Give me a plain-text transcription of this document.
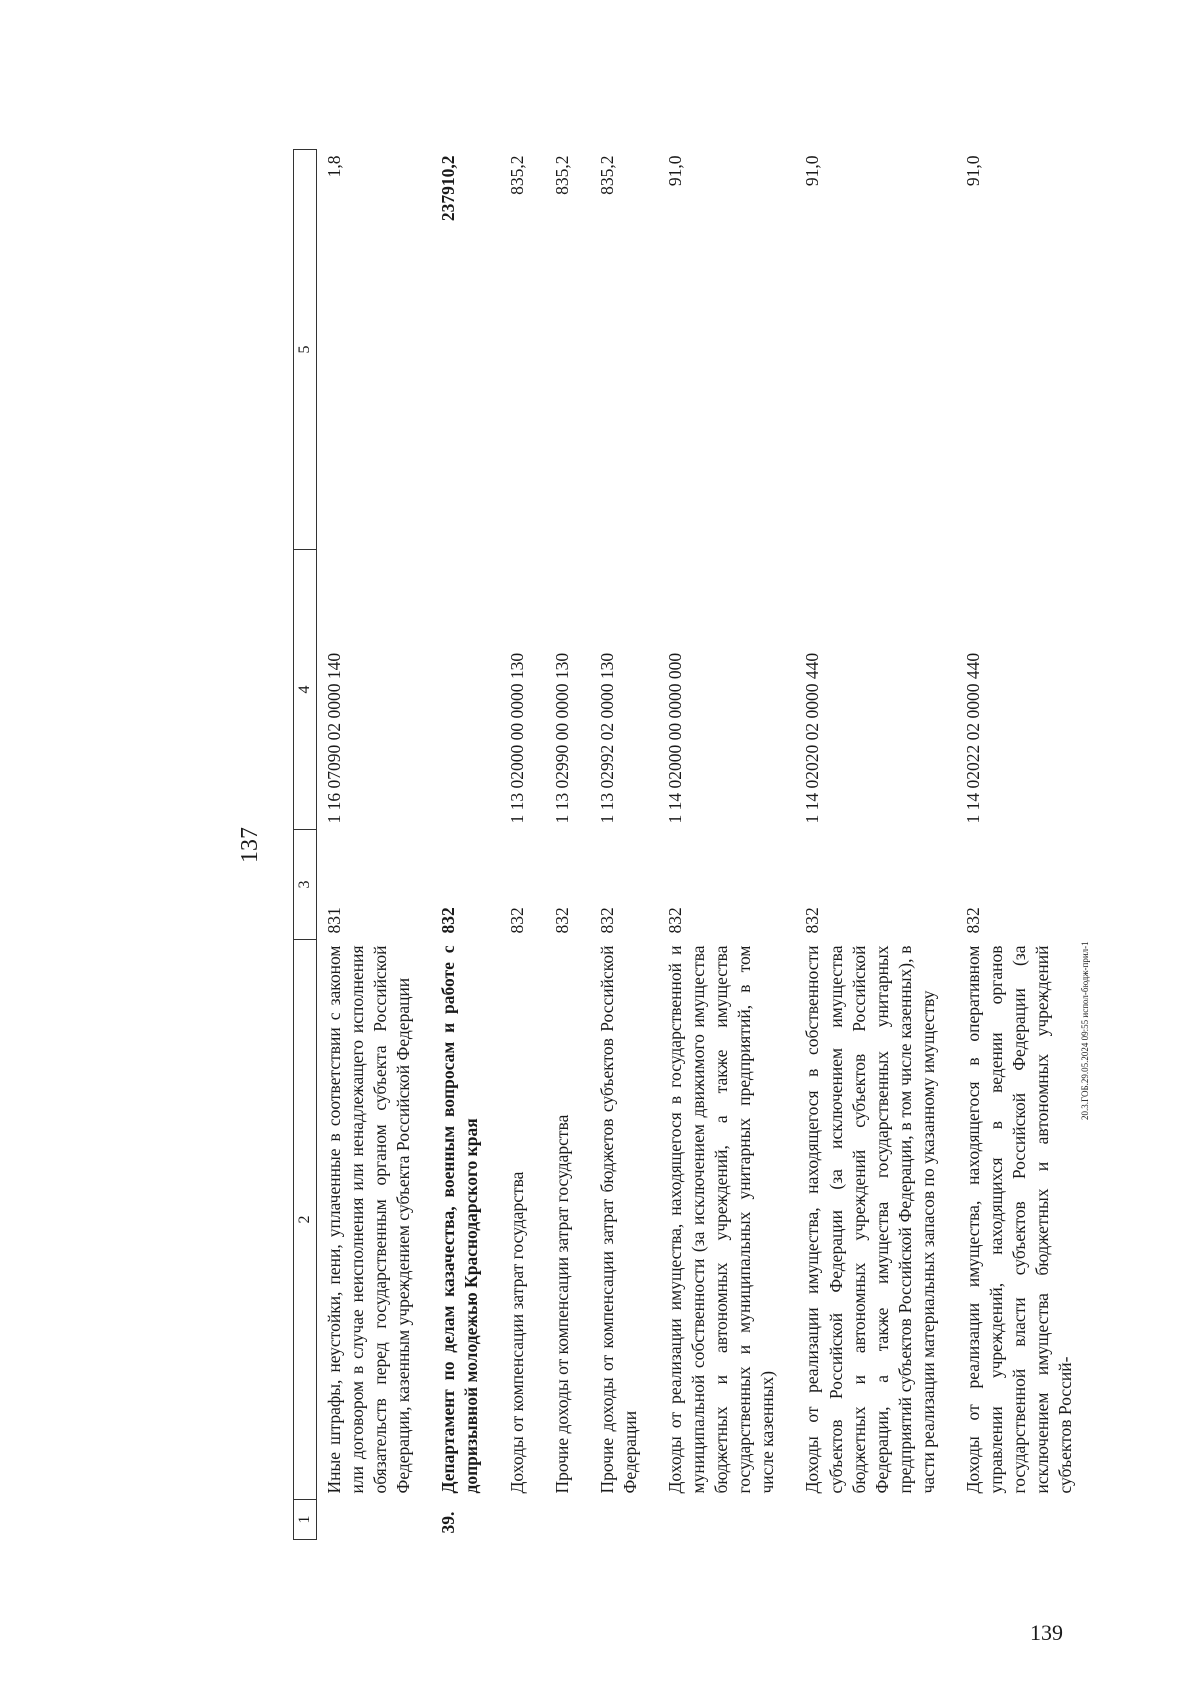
137
1	2	3	4	5
	Иные штрафы, неустойки, пени, уплаченные в соответствии с законом или договором в случае неисполнения или ненадлежащего исполнения обязательств перед государственным органом субъекта Российской Федерации, казенным учреждением субъекта Российской Федерации	831	1 16 07090 02 0000 140	1,8
39.	Департамент по делам казачества, военным вопросам и работе с допризывной молодежью Краснодарского края	832		237910,2
	Доходы от компенсации затрат государства	832	1 13 02000 00 0000 130	835,2
	Прочие доходы от компенсации затрат государства	832	1 13 02990 00 0000 130	835,2
	Прочие доходы от компенсации затрат бюджетов субъектов Российской Федерации	832	1 13 02992 02 0000 130	835,2
	Доходы от реализации имущества, находящегося в государственной и муниципальной собственности (за исключением движимого имущества бюджетных и автономных учреждений, а также имущества государственных и муниципальных унитарных предприятий, в том числе казенных)	832	1 14 02000 00 0000 000	91,0
	Доходы от реализации имущества, находящегося в собственности субъектов Российской Федерации (за исключением имущества бюджетных и автономных учреждений субъектов Российской Федерации, а также имущества государственных унитарных предприятий субъектов Российской Федерации, в том числе казенных), в части реализации материальных запасов по указанному имуществу	832	1 14 02020 02 0000 440	91,0
	Доходы от реализации имущества, находящегося в оперативном управлении учреждений, находящихся в ведении органов государственной власти субъектов Российской Федерации (за исключением имущества бюджетных и автономных учреждений субъектов Россий-	832	1 14 02022 02 0000 440	91,0
20.3.ГОБ.29.05.2024 09:55 испол-бюдж-прил-1
139
